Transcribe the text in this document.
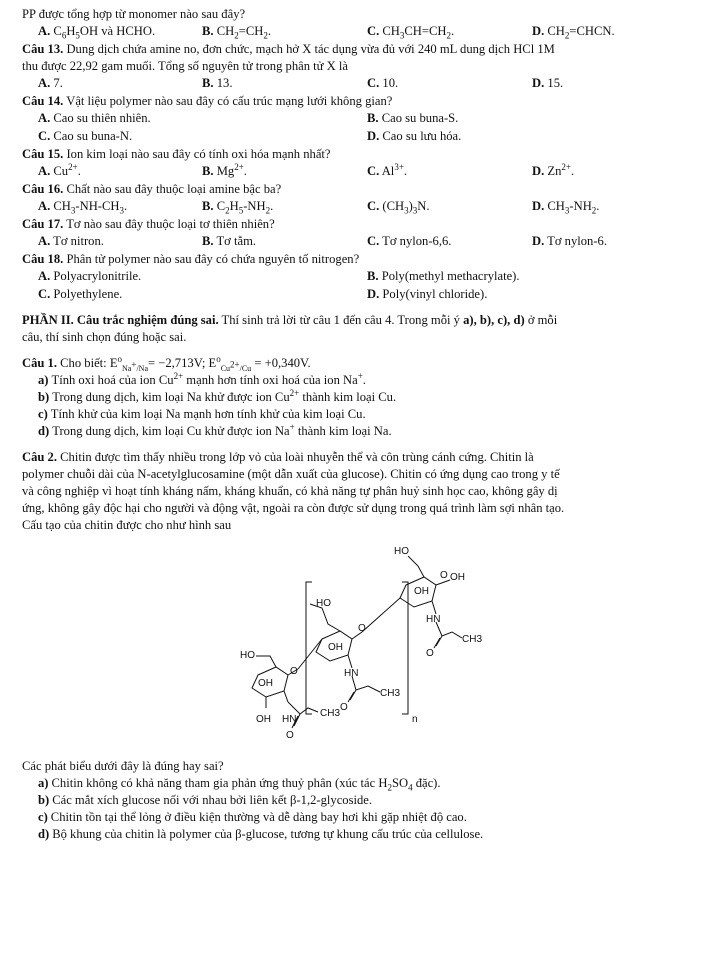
PP được tổng hợp từ monomer nào sau đây?
A. $C_6H_5OH$ và HCHO.	B. $CH_2=CH_2$.	C. $CH_3CH=CH_2$.	D. $CH_2=CHCN$.
Câu 13. Dung dịch chứa amine no, đơn chức, mạch hở X tác dụng vừa đủ với 240 mL dung dịch HCl 1M
thu được 22,92 gam muối. Tổng số nguyên tử trong phân tử X là
A. 7.	B. 13.	C. 10.	D. 15.
Câu 14. Vật liệu polymer nào sau đây có cấu trúc mạng lưới không gian?
A. Cao su thiên nhiên.	B. Cao su buna-S.
C. Cao su buna-N.	D. Cao su lưu hóa.
Câu 15. Ion kim loại nào sau đây có tính oxi hóa mạnh nhất?
A. $Cu^{2+}$.	B. $Mg^{2+}$.	C. $Al^{3+}$.	D. $Zn^{2+}$.
Câu 16. Chất nào sau đây thuộc loại amine bậc ba?
A. $CH_3-NH-CH_3$.	B. $C_2H_5-NH_2$.	C. $(CH_3)_3N$.	D. $CH_3-NH_2$.
Câu 17. Tơ nào sau đây thuộc loại tơ thiên nhiên?
A. Tơ nitron.	B. Tơ tằm.	C. Tơ nylon-6,6.	D. Tơ nylon-6.
Câu 18. Phân tử polymer nào sau đây có chứa nguyên tố nitrogen?
A. Polyacrylonitrile.	B. Poly(methyl methacrylate).
C. Polyethylene.	D. Poly(vinyl chloride).
PHẦN II. Câu trắc nghiệm đúng sai. Thí sinh trả lời từ câu 1 đến câu 4. Trong mỗi ý a), b), c), d) ở mỗi
câu, thí sinh chọn đúng hoặc sai.
Câu 1. Cho biết: $E^o_{Na^+/Na}= -2,713V$; $E^o_{Cu^{2+}/Cu} = +0,340V$.
a) Tính oxi hoá của ion $Cu^{2+}$ mạnh hơn tính oxi hoá của ion Na+.
b) Trong dung dịch, kim loại Na khử được ion $Cu^{2+}$ thành kim loại Cu.
c) Tính khử của kim loại Na mạnh hơn tính khử của kim loại Cu.
d) Trong dung dịch, kim loại Cu khử được ion Na+ thành kim loại Na.
Câu 2. Chitin được tìm thấy nhiều trong lớp vỏ của loài nhuyễn thể và côn trùng cánh cứng. Chitin là
polymer chuỗi dài của N-acetylglucosamine (một dẫn xuất của glucose). Chitin có ứng dụng cao trong y tế
và công nghiệp vì hoạt tính kháng nấm, kháng khuẩn, có khả năng tự phân huỷ sinh học cao, không gây dị
ứng, không gây độc hại cho người và động vật, ngoài ra còn được sử dụng trong quá trình làm sợi nhân tạo.
Cấu tạo của chitin được cho như hình sau
HO
OH
O
OH HN
CH3
O
HO
OH
O
HN
CH3
O
HO
OH
O OH
HN
CH3
O
n
Các phát biểu dưới đây là đúng hay sai?
a) Chitin không có khả năng tham gia phản ứng thuỷ phân (xúc tác $H_2SO_4$ đặc).
b) Các mắt xích glucose nối với nhau bởi liên kết β-1,2-glycoside.
c) Chitin tồn tại thể lỏng ở điều kiện thường và dễ dàng bay hơi khi gặp nhiệt độ cao.
d) Bộ khung của chitin là polymer của β-glucose, tương tự khung cấu trúc của cellulose.
